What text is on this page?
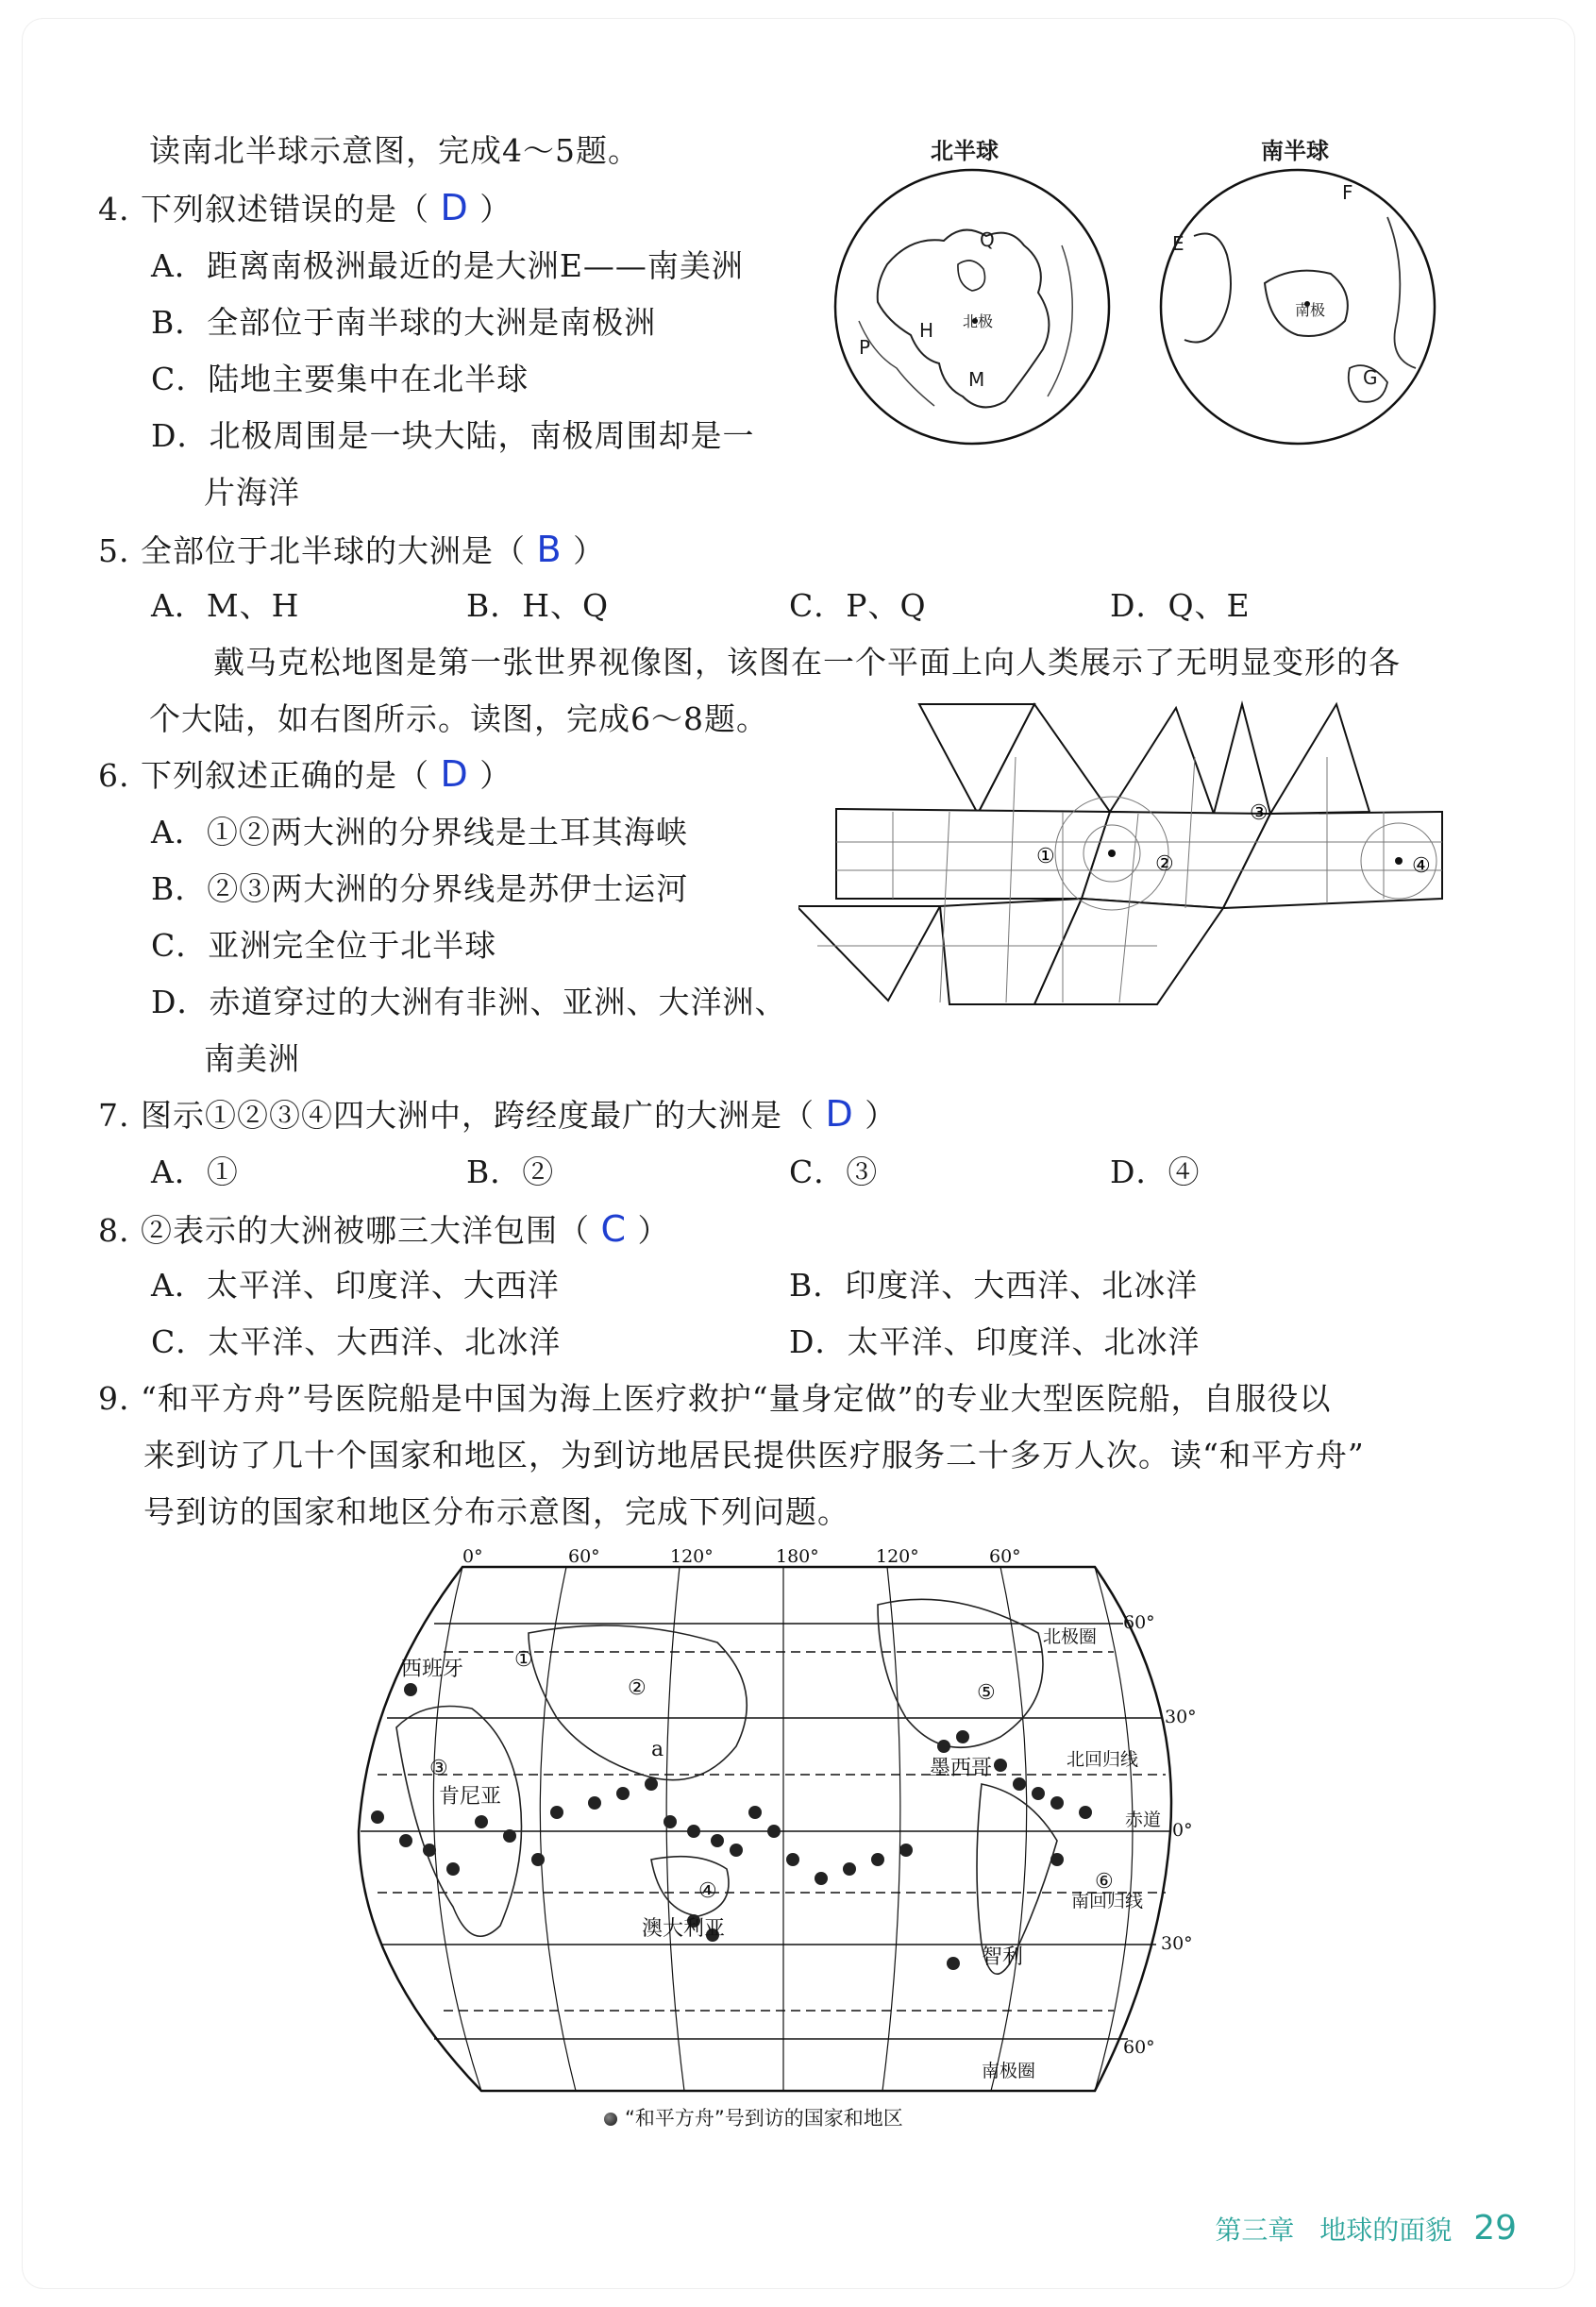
读南北半球示意图，完成4～5题。
4. 下列叙述错误的是（ D ）
A．距离南极洲最近的是大洲E——南美洲
B．全部位于南半球的大洲是南极洲
C．陆地主要集中在北半球
D．北极周围是一块大陆，南极周围却是一
片海洋
北半球	南半球
Q
H 北极
P
M
F
E
南极
G
5. 全部位于北半球的大洲是（ B ）
A．M、H	B．H、Q	C．P、Q	D．Q、E
戴马克松地图是第一张世界视像图，该图在一个平面上向人类展示了无明显变形的各
个大陆，如右图所示。读图，完成6～8题。
①	②
③
④
6. 下列叙述正确的是（ D ）
A．①②两大洲的分界线是土耳其海峡
B．②③两大洲的分界线是苏伊士运河
C．亚洲完全位于北半球
D．赤道穿过的大洲有非洲、亚洲、大洋洲、
南美洲
7. 图示①②③④四大洲中，跨经度最广的大洲是（ D ）
A．①	B．②	C．③	D．④
8. ②表示的大洲被哪三大洋包围（ C ）
A．太平洋、印度洋、大西洋	B．印度洋、大西洋、北冰洋
C．太平洋、大西洋、北冰洋	D．太平洋、印度洋、北冰洋
9. “和平方舟”号医院船是中国为海上医疗救护“量身定做”的专业大型医院船，自服役以
来到访了几十个国家和地区，为到访地居民提供医疗服务二十多万人次。读“和平方舟”
号到访的国家和地区分布示意图，完成下列问题。
0°	60°	120°	180°	120°	60°
60°
30°
0°
30°
60°
北极圈
北回归线
赤道
南回归线
南极圈
西班牙
肯尼亚
墨西哥
澳大利亚
智利
a
①
②
③
④
⑤
⑥
“和平方舟”号到访的国家和地区
第三章 地球的面貌 29
